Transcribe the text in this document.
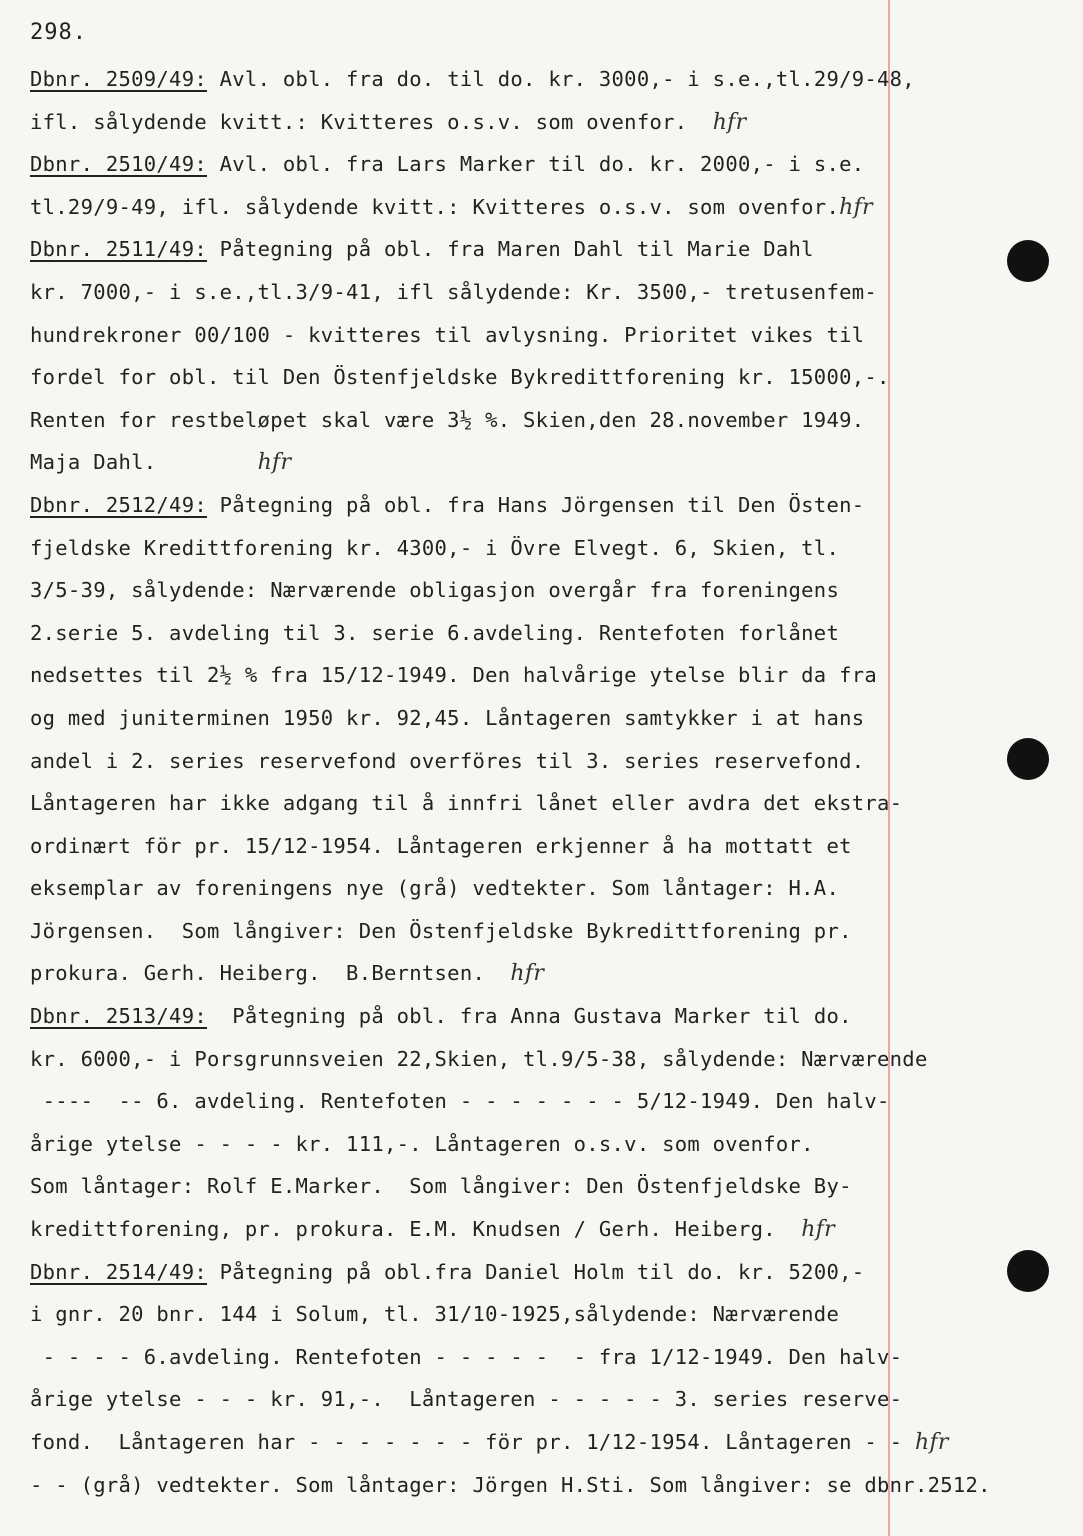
298.
Dbnr. 2509/49: Avl. obl. fra do. til do. kr. 3000,- i s.e.,tl.29/9-48,
ifl. sålydende kvitt.: Kvitteres o.s.v. som ovenfor. hfr
Dbnr. 2510/49: Avl. obl. fra Lars Marker til do. kr. 2000,- i s.e.
tl.29/9-49, ifl. sålydende kvitt.: Kvitteres o.s.v. som ovenfor.hfr
Dbnr. 2511/49: Påtegning på obl. fra Maren Dahl til Marie Dahl
kr. 7000,- i s.e.,tl.3/9-41, ifl sålydende: Kr. 3500,- tretusenfem-
hundrekroner 00/100 - kvitteres til avlysning. Prioritet vikes til
fordel for obl. til Den Östenfjeldske Bykredittforening kr. 15000,-.
Renten for restbeløpet skal være 3½ %. Skien,den 28.november 1949.
Maja Dahl.	hfr
Dbnr. 2512/49: Påtegning på obl. fra Hans Jörgensen til Den Östen-
fjeldske Kredittforening kr. 4300,- i Övre Elvegt. 6, Skien, tl.
3/5-39, sålydende: Nærværende obligasjon overgår fra foreningens
2.serie 5. avdeling til 3. serie 6.avdeling. Rentefoten forlånet
nedsettes til 2½ % fra 15/12-1949. Den halvårige ytelse blir da fra
og med juniterminen 1950 kr. 92,45. Låntageren samtykker i at hans
andel i 2. series reservefond overföres til 3. series reservefond.
Låntageren har ikke adgang til å innfri lånet eller avdra det ekstra-
ordinært för pr. 15/12-1954. Låntageren erkjenner å ha mottatt et
eksemplar av foreningens nye (grå) vedtekter. Som låntager: H.A.
Jörgensen.  Som långiver: Den Östenfjeldske Bykredittforening pr.
prokura. Gerh. Heiberg.  B.Berntsen. hfr
Dbnr. 2513/49:  Påtegning på obl. fra Anna Gustava Marker til do.
kr. 6000,- i Porsgrunnsveien 22,Skien, tl.9/5-38, sålydende: Nærværende
----  -- 6. avdeling. Rentefoten - - - - - - - 5/12-1949. Den halv-
årige ytelse - - - - kr. 111,-. Låntageren o.s.v. som ovenfor.
Som låntager: Rolf E.Marker.  Som långiver: Den Östenfjeldske By-
kredittforening, pr. prokura. E.M. Knudsen / Gerh. Heiberg. hfr
Dbnr. 2514/49: Påtegning på obl.fra Daniel Holm til do. kr. 5200,-
i gnr. 20 bnr. 144 i Solum, tl. 31/10-1925,sålydende: Nærværende
- - - - 6.avdeling. Rentefoten - - - - -  - fra 1/12-1949. Den halv-
årige ytelse - - - kr. 91,-.  Låntageren - - - - - 3. series reserve-
fond.  Låntageren har - - - - - - - för pr. 1/12-1954. Låntageren - - hfr
- - (grå) vedtekter. Som låntager: Jörgen H.Sti. Som långiver: se dbnr.2512.
